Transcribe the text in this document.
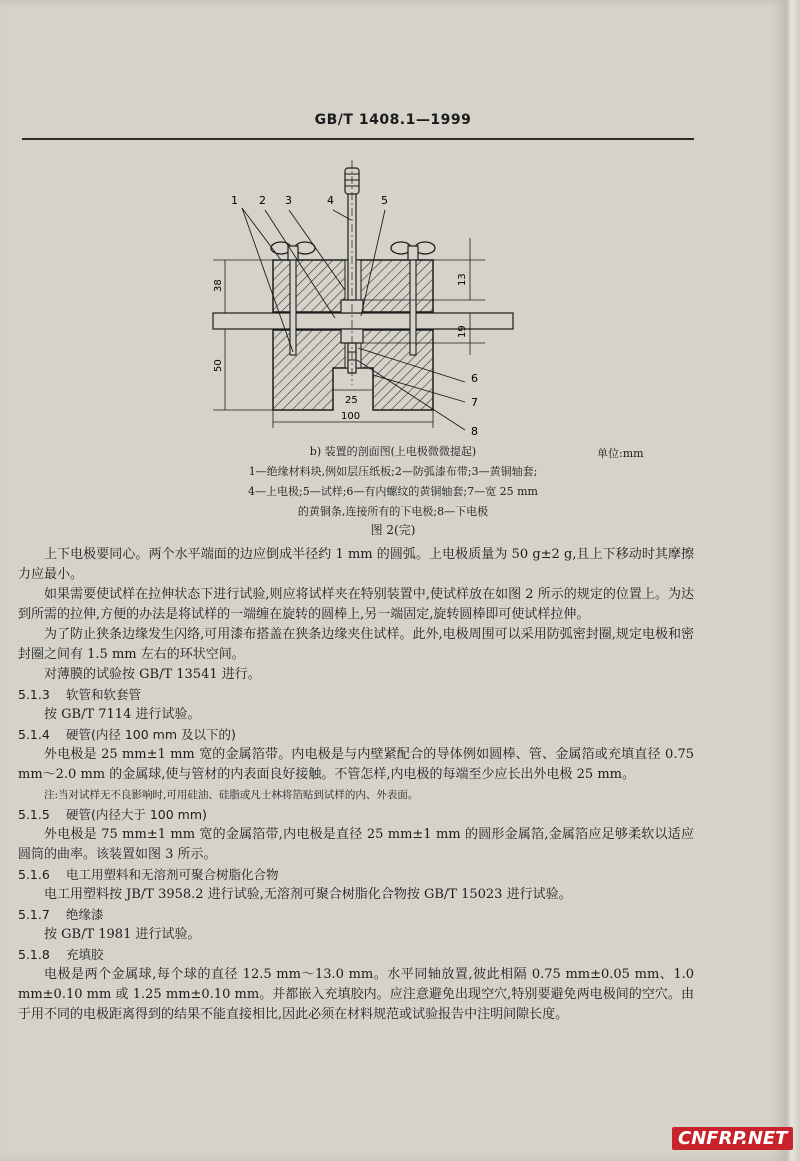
GB/T 1408.1—1999
1 2 3	4	5
6
7
8
38
50
13
19
25
100
b) 装置的剖面图(上电极微微提起)	单位:mm
1—绝缘材料块,例如层压纸板;2—防弧漆布带;3—黄铜轴套;
4—上电极;5—试样;6—有内螺纹的黄铜轴套;7—宽 25 mm
的黄铜条,连接所有的下电极;8—下电极
图 2(完)

上下电极要同心。两个水平端面的边应倒成半径约 1 mm 的圆弧。上电极质量为 50 g±2 g,且上下移动时其摩擦力应最小。

如果需要使试样在拉伸状态下进行试验,则应将试样夹在特别装置中,使试样放在如图 2 所示的规定的位置上。为达到所需的拉伸,方便的办法是将试样的一端缠在旋转的圆棒上,另一端固定,旋转圆棒即可使试样拉伸。

为了防止狭条边缘发生闪络,可用漆布搭盖在狭条边缘夹住试样。此外,电极周围可以采用防弧密封圈,规定电极和密封圈之间有 1.5 mm 左右的环状空间。

对薄膜的试验按 GB/T 13541 进行。

5.1.3 软管和软套管

按 GB/T 7114 进行试验。

5.1.4 硬管(内径 100 mm 及以下的)

外电极是 25 mm±1 mm 宽的金属箔带。内电极是与内壁紧配合的导体例如圆棒、管、金属箔或充填直径 0.75 mm～2.0 mm 的金属球,使与管材的内表面良好接触。不管怎样,内电极的每端至少应长出外电极 25 mm。

注:当对试样无不良影响时,可用硅油、硅脂或凡士林将箔贴到试样的内、外表面。

5.1.5 硬管(内径大于 100 mm)

外电极是 75 mm±1 mm 宽的金属箔带,内电极是直径 25 mm±1 mm 的圆形金属箔,金属箔应足够柔软以适应圆筒的曲率。该装置如图 3 所示。

5.1.6 电工用塑料和无溶剂可聚合树脂化合物

电工用塑料按 JB/T 3958.2 进行试验,无溶剂可聚合树脂化合物按 GB/T 15023 进行试验。

5.1.7 绝缘漆

按 GB/T 1981 进行试验。

5.1.8 充填胶

电极是两个金属球,每个球的直径 12.5 mm～13.0 mm。水平同轴放置,彼此相隔 0.75 mm±0.05 mm、1.0 mm±0.10 mm 或 1.25 mm±0.10 mm。并都嵌入充填胶内。应注意避免出现空穴,特别要避免两电极间的空穴。由于用不同的电极距离得到的结果不能直接相比,因此必须在材料规范或试验报告中注明间隙长度。

CNFRP.NET
